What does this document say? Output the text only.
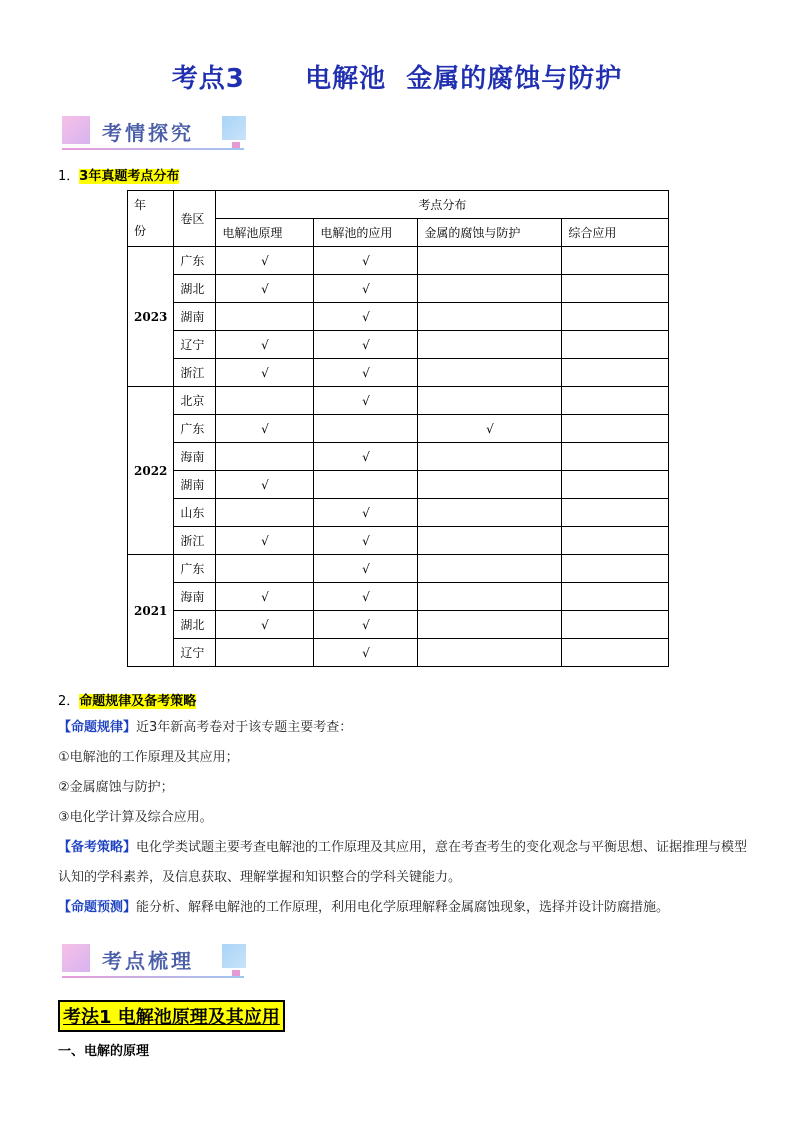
考点3      电解池  金属的腐蚀与防护
考情探究
1．3年真题考点分布
年

份	卷区	考点分布			
		电解池原理	电解池的应用	金属的腐蚀与防护	综合应用
2023	广东	√	√		
	湖北	√	√		
	湖南		√		
	辽宁	√	√		
	浙江	√	√		
2022	北京		√		
	广东	√		√	
	海南		√		
	湖南	√			
	山东		√		
	浙江	√	√		
2021	广东		√		
	海南	√	√		
	湖北	√	√		
	辽宁		√		
2．命题规律及备考策略
【命题规律】近3年新高考卷对于该专题主要考查：
①电解池的工作原理及其应用；
②金属腐蚀与防护；
③电化学计算及综合应用。
【备考策略】电化学类试题主要考查电解池的工作原理及其应用，意在考查考生的变化观念与平衡思想、证据推理与模型认知的学科素养，及信息获取、理解掌握和知识整合的学科关键能力。
【命题预测】能分析、解释电解池的工作原理，利用电化学原理解释金属腐蚀现象，选择并设计防腐措施。
考点梳理
考法1 电解池原理及其应用
一、电解的原理
